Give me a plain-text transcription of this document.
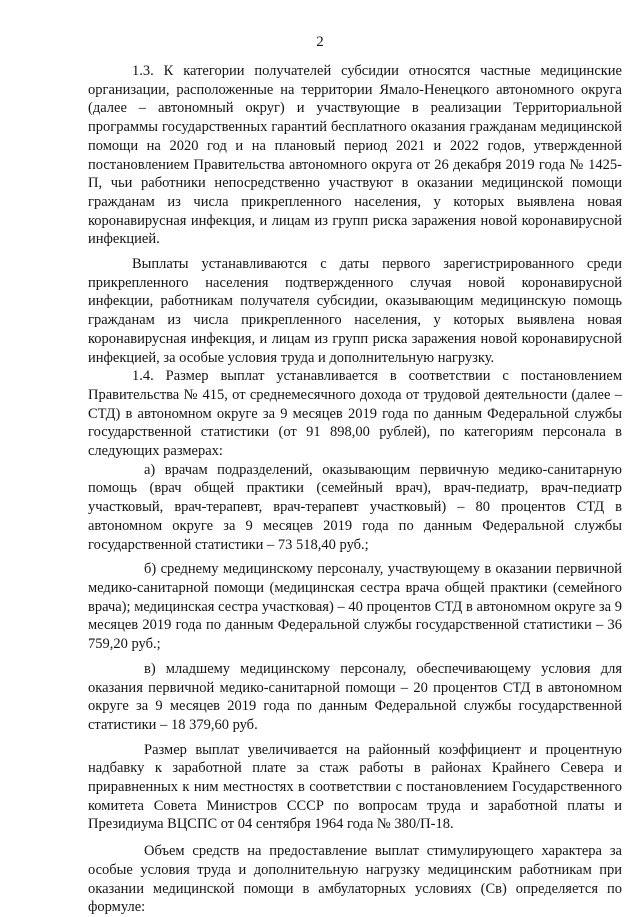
2

1.3. К категории получателей субсидии относятся частные медицинские организации, расположенные на территории Ямало-Ненецкого автономного округа (далее – автономный округ) и участвующие в реализации Территориальной программы государственных гарантий бесплатного оказания гражданам медицинской помощи на 2020 год и на плановый период 2021 и 2022 годов, утвержденной постановлением Правительства автономного округа от 26 декабря 2019 года № 1425-П, чьи работники непосредственно участвуют в оказании медицинской помощи гражданам из числа прикрепленного населения, у которых выявлена новая коронавирусная инфекция, и лицам из групп риска заражения новой коронавирусной инфекцией.

Выплаты устанавливаются с даты первого зарегистрированного среди прикрепленного населения подтвержденного случая новой коронавирусной инфекции, работникам получателя субсидии, оказывающим медицинскую помощь гражданам из числа прикрепленного населения, у которых выявлена новая коронавирусная инфекция, и лицам из групп риска заражения новой коронавирусной инфекцией, за особые условия труда и дополнительную нагрузку.

1.4. Размер выплат устанавливается в соответствии с постановлением Правительства № 415, от среднемесячного дохода от трудовой деятельности (далее – СТД) в автономном округе за 9 месяцев 2019 года по данным Федеральной службы государственной статистики (от 91 898,00 рублей), по категориям персонала в следующих размерах:

а) врачам подразделений, оказывающим первичную медико-санитарную помощь (врач общей практики (семейный врач), врач-педиатр, врач-педиатр участковый, врач-терапевт, врач-терапевт участковый) – 80 процентов СТД в автономном округе за 9 месяцев 2019 года по данным Федеральной службы государственной статистики – 73 518,40 руб.;

б) среднему медицинскому персоналу, участвующему в оказании первичной медико-санитарной помощи (медицинская сестра врача общей практики (семейного врача); медицинская сестра участковая) – 40 процентов СТД в автономном округе за 9 месяцев 2019 года по данным Федеральной службы государственной статистики – 36 759,20 руб.;

в) младшему медицинскому персоналу, обеспечивающему условия для оказания первичной медико-санитарной помощи – 20 процентов СТД в автономном округе за 9 месяцев 2019 года по данным Федеральной службы государственной статистики – 18 379,60 руб.

Размер выплат увеличивается на районный коэффициент и процентную надбавку к заработной плате за стаж работы в районах Крайнего Севера и приравненных к ним местностях в соответствии с постановлением Государственного комитета Совета Министров СССР по вопросам труда и заработной платы и Президиума ВЦСПС от 04 сентября 1964 года № 380/П-18.

Объем средств на предоставление выплат стимулирующего характера за особые условия труда и дополнительную нагрузку медицинским работникам при оказании медицинской помощи в амбулаторных условиях (Св) определяется по формуле:
